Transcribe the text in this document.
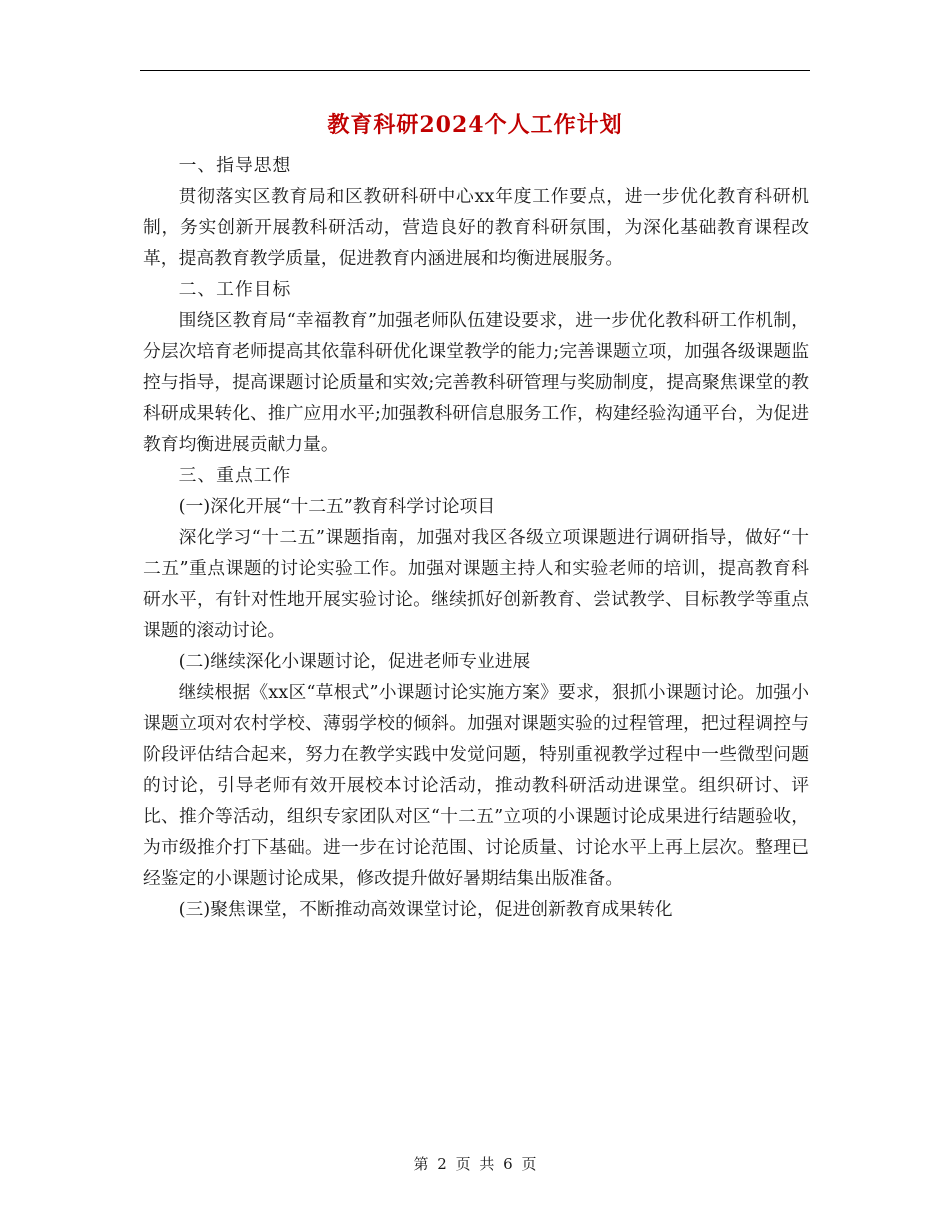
教育科研2024个人工作计划

一、指导思想

贯彻落实区教育局和区教研科研中心xx年度工作要点，进一步优化教育科研机制，务实创新开展教科研活动，营造良好的教育科研氛围，为深化基础教育课程改革，提高教育教学质量，促进教育内涵进展和均衡进展服务。

二、工作目标

围绕区教育局“幸福教育”加强老师队伍建设要求，进一步优化教科研工作机制，分层次培育老师提高其依靠科研优化课堂教学的能力;完善课题立项，加强各级课题监控与指导，提高课题讨论质量和实效;完善教科研管理与奖励制度，提高聚焦课堂的教科研成果转化、推广应用水平;加强教科研信息服务工作，构建经验沟通平台，为促进教育均衡进展贡献力量。

三、重点工作

(一)深化开展“十二五”教育科学讨论项目

深化学习“十二五”课题指南，加强对我区各级立项课题进行调研指导，做好“十二五”重点课题的讨论实验工作。加强对课题主持人和实验老师的培训，提高教育科研水平，有针对性地开展实验讨论。继续抓好创新教育、尝试教学、目标教学等重点课题的滚动讨论。

(二)继续深化小课题讨论，促进老师专业进展

继续根据《xx区“草根式”小课题讨论实施方案》要求，狠抓小课题讨论。加强小课题立项对农村学校、薄弱学校的倾斜。加强对课题实验的过程管理，把过程调控与阶段评估结合起来，努力在教学实践中发觉问题，特别重视教学过程中一些微型问题的讨论，引导老师有效开展校本讨论活动，推动教科研活动进课堂。组织研讨、评比、推介等活动，组织专家团队对区“十二五”立项的小课题讨论成果进行结题验收，为市级推介打下基础。进一步在讨论范围、讨论质量、讨论水平上再上层次。整理已经鉴定的小课题讨论成果，修改提升做好暑期结集出版准备。

(三)聚焦课堂，不断推动高效课堂讨论，促进创新教育成果转化

第 2 页 共 6 页
